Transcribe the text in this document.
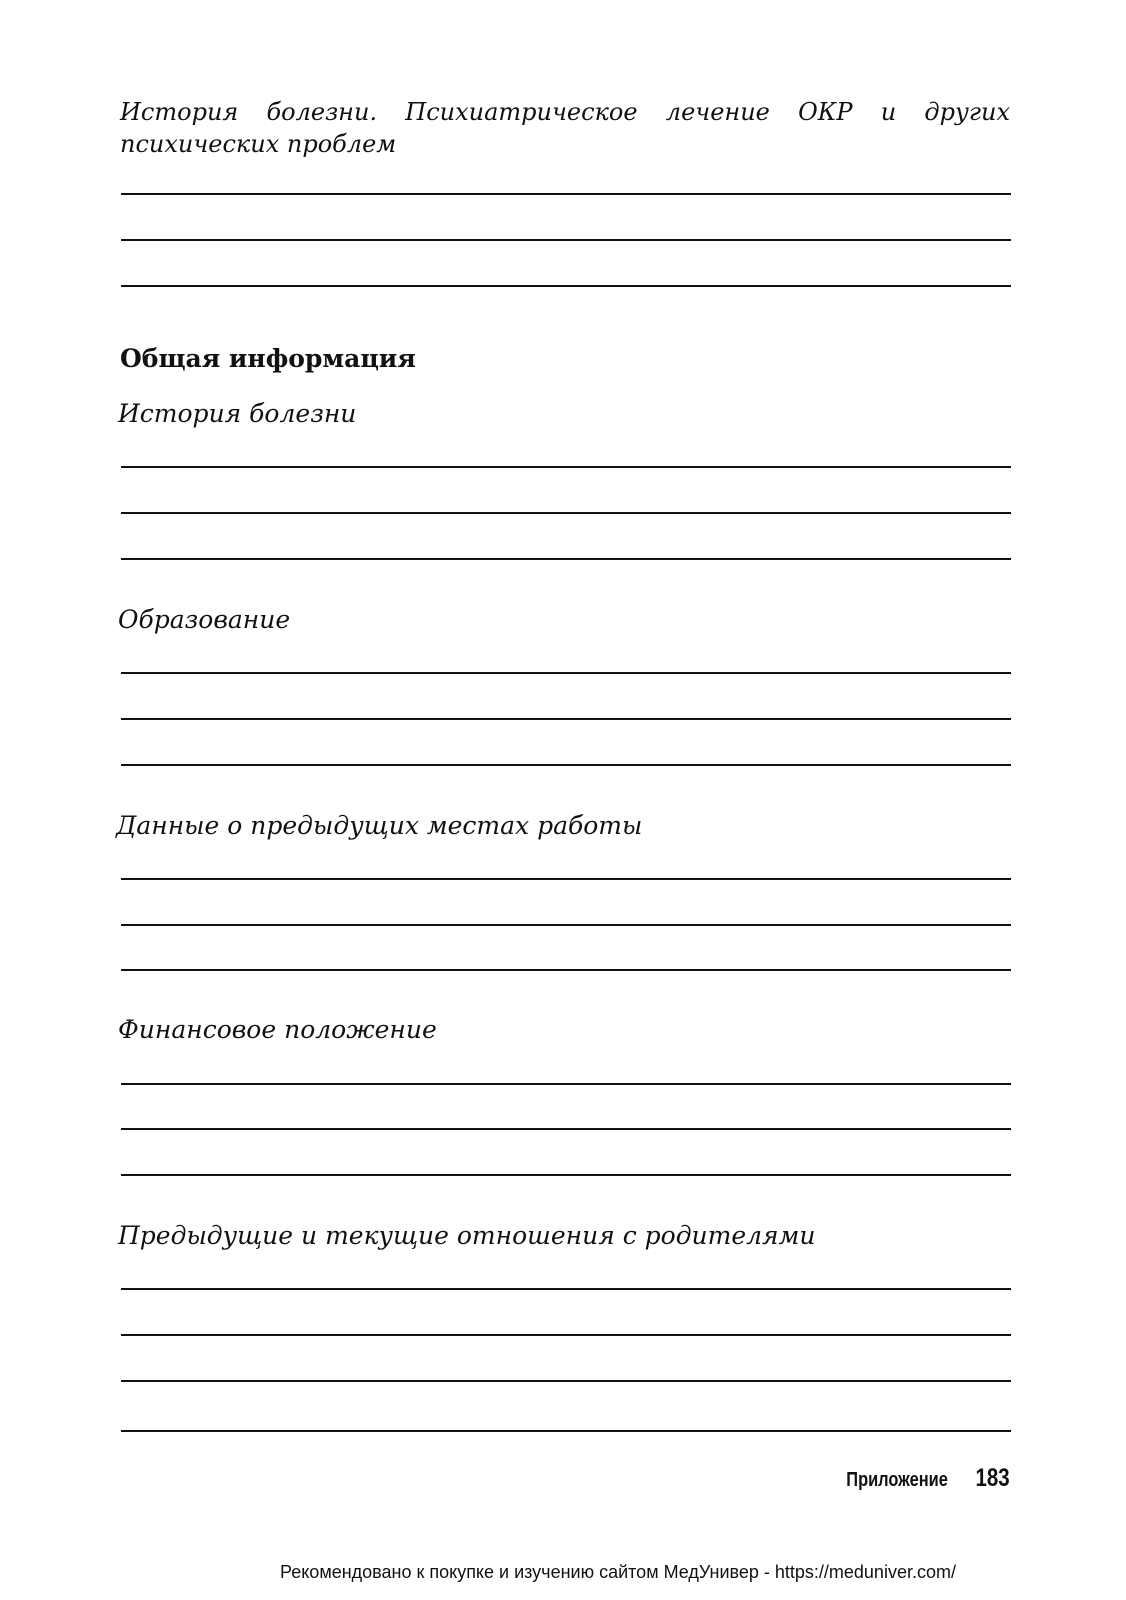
История болезни. Психиатрическое лечение ОКР и других психических проблем

Общая информация

История болезни

Образование

Данные о предыдущих местах работы

Финансовое положение

Предыдущие и текущие отношения с родителями

Приложение 183
Рекомендовано к покупке и изучению сайтом МедУнивер - https://meduniver.com/
